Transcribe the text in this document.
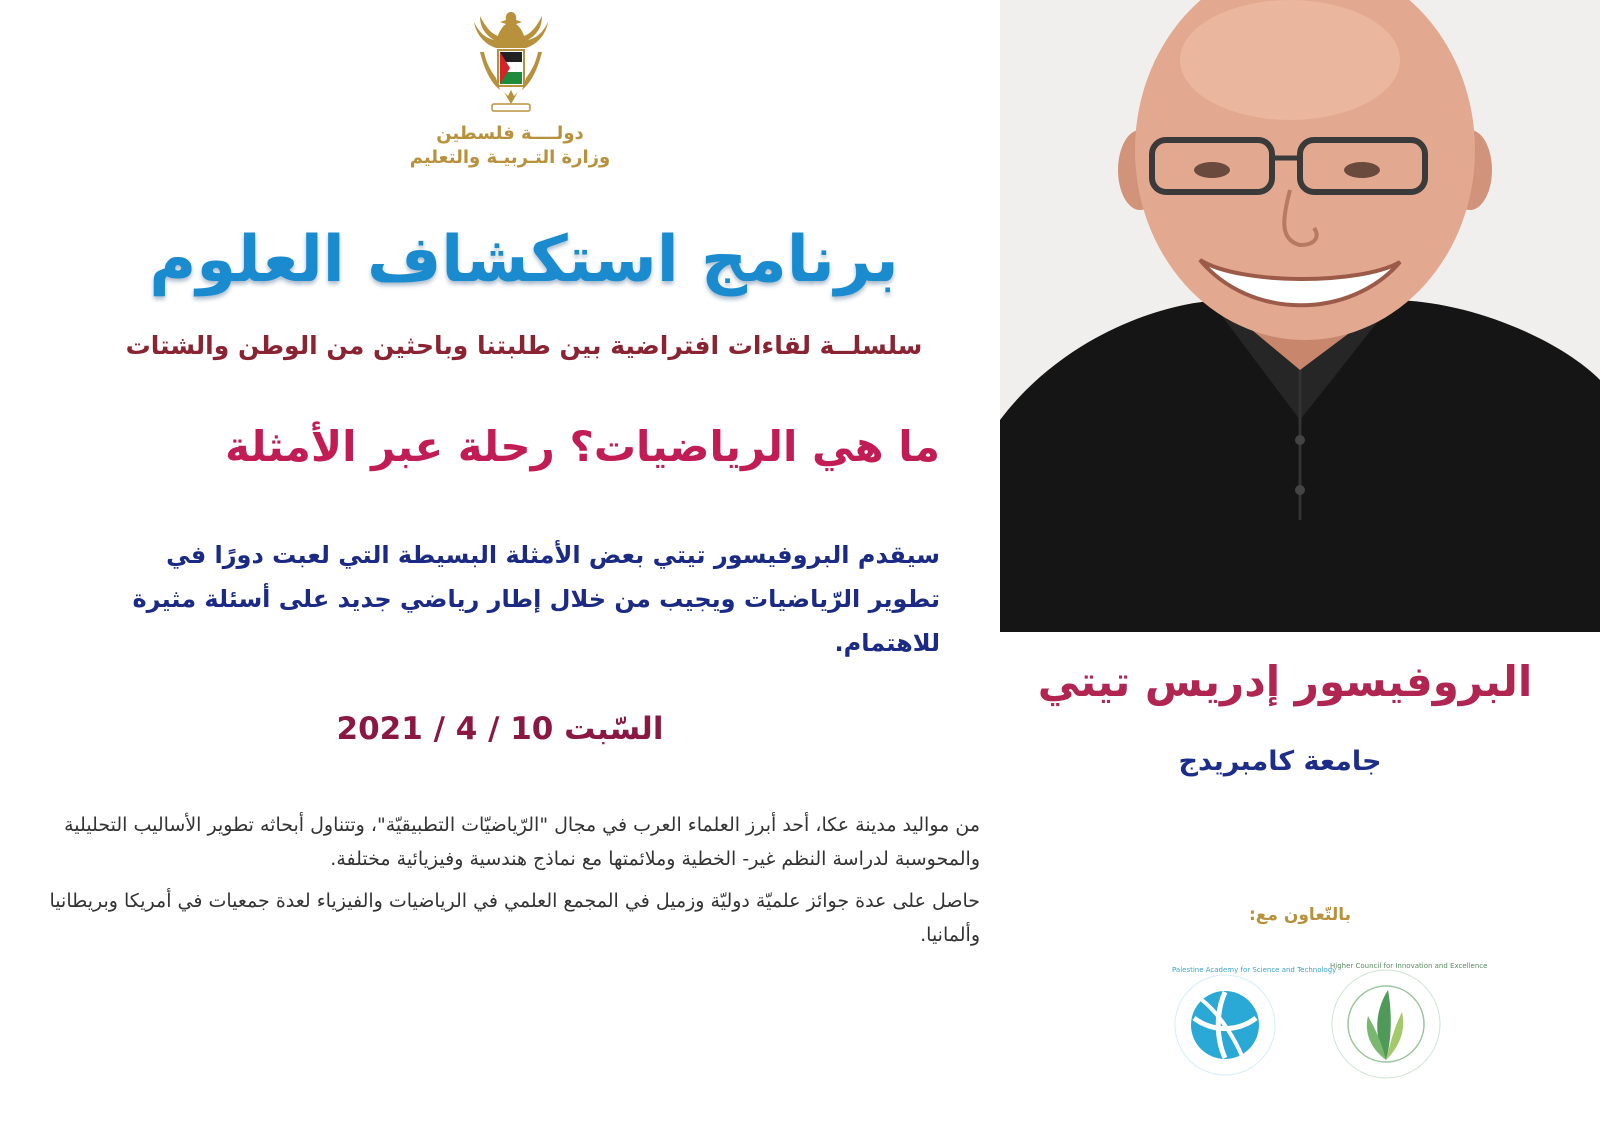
دولــــة فلسطين
وزارة التـربيـة والتعليم
برنامج استكشاف العلوم
سلسلــة لقاءات افتراضية بين طلبتنا وباحثين من الوطن والشتات
ما هي الرياضيات؟ رحلة عبر الأمثلة
سيقدم البروفيسور تيتي بعض الأمثلة البسيطة التي لعبت دورًا في تطوير الرّياضيات ويجيب من خلال إطار رياضي جديد على أسئلة مثيرة للاهتمام.
السّبت 10 / 4 / 2021

من مواليد مدينة عكا، أحد أبرز العلماء العرب في مجال "الرّياضيّات التطبيقيّة"، وتتناول أبحاثه تطوير الأساليب التحليلية والمحوسبة لدراسة النظم غير- الخطية وملائمتها مع نماذج هندسية وفيزيائية مختلفة.

حاصل على عدة جوائز علميّة دوليّة وزميل في المجمع العلمي في الرياضيات والفيزياء لعدة جمعيات في أمريكا وبريطانيا وألمانيا.

البروفيسور إدريس تيتي
جامعة كامبريدج
بالتّعاون مع:
Palestine Academy for Science and Technology
Higher Council for Innovation and Excellence
